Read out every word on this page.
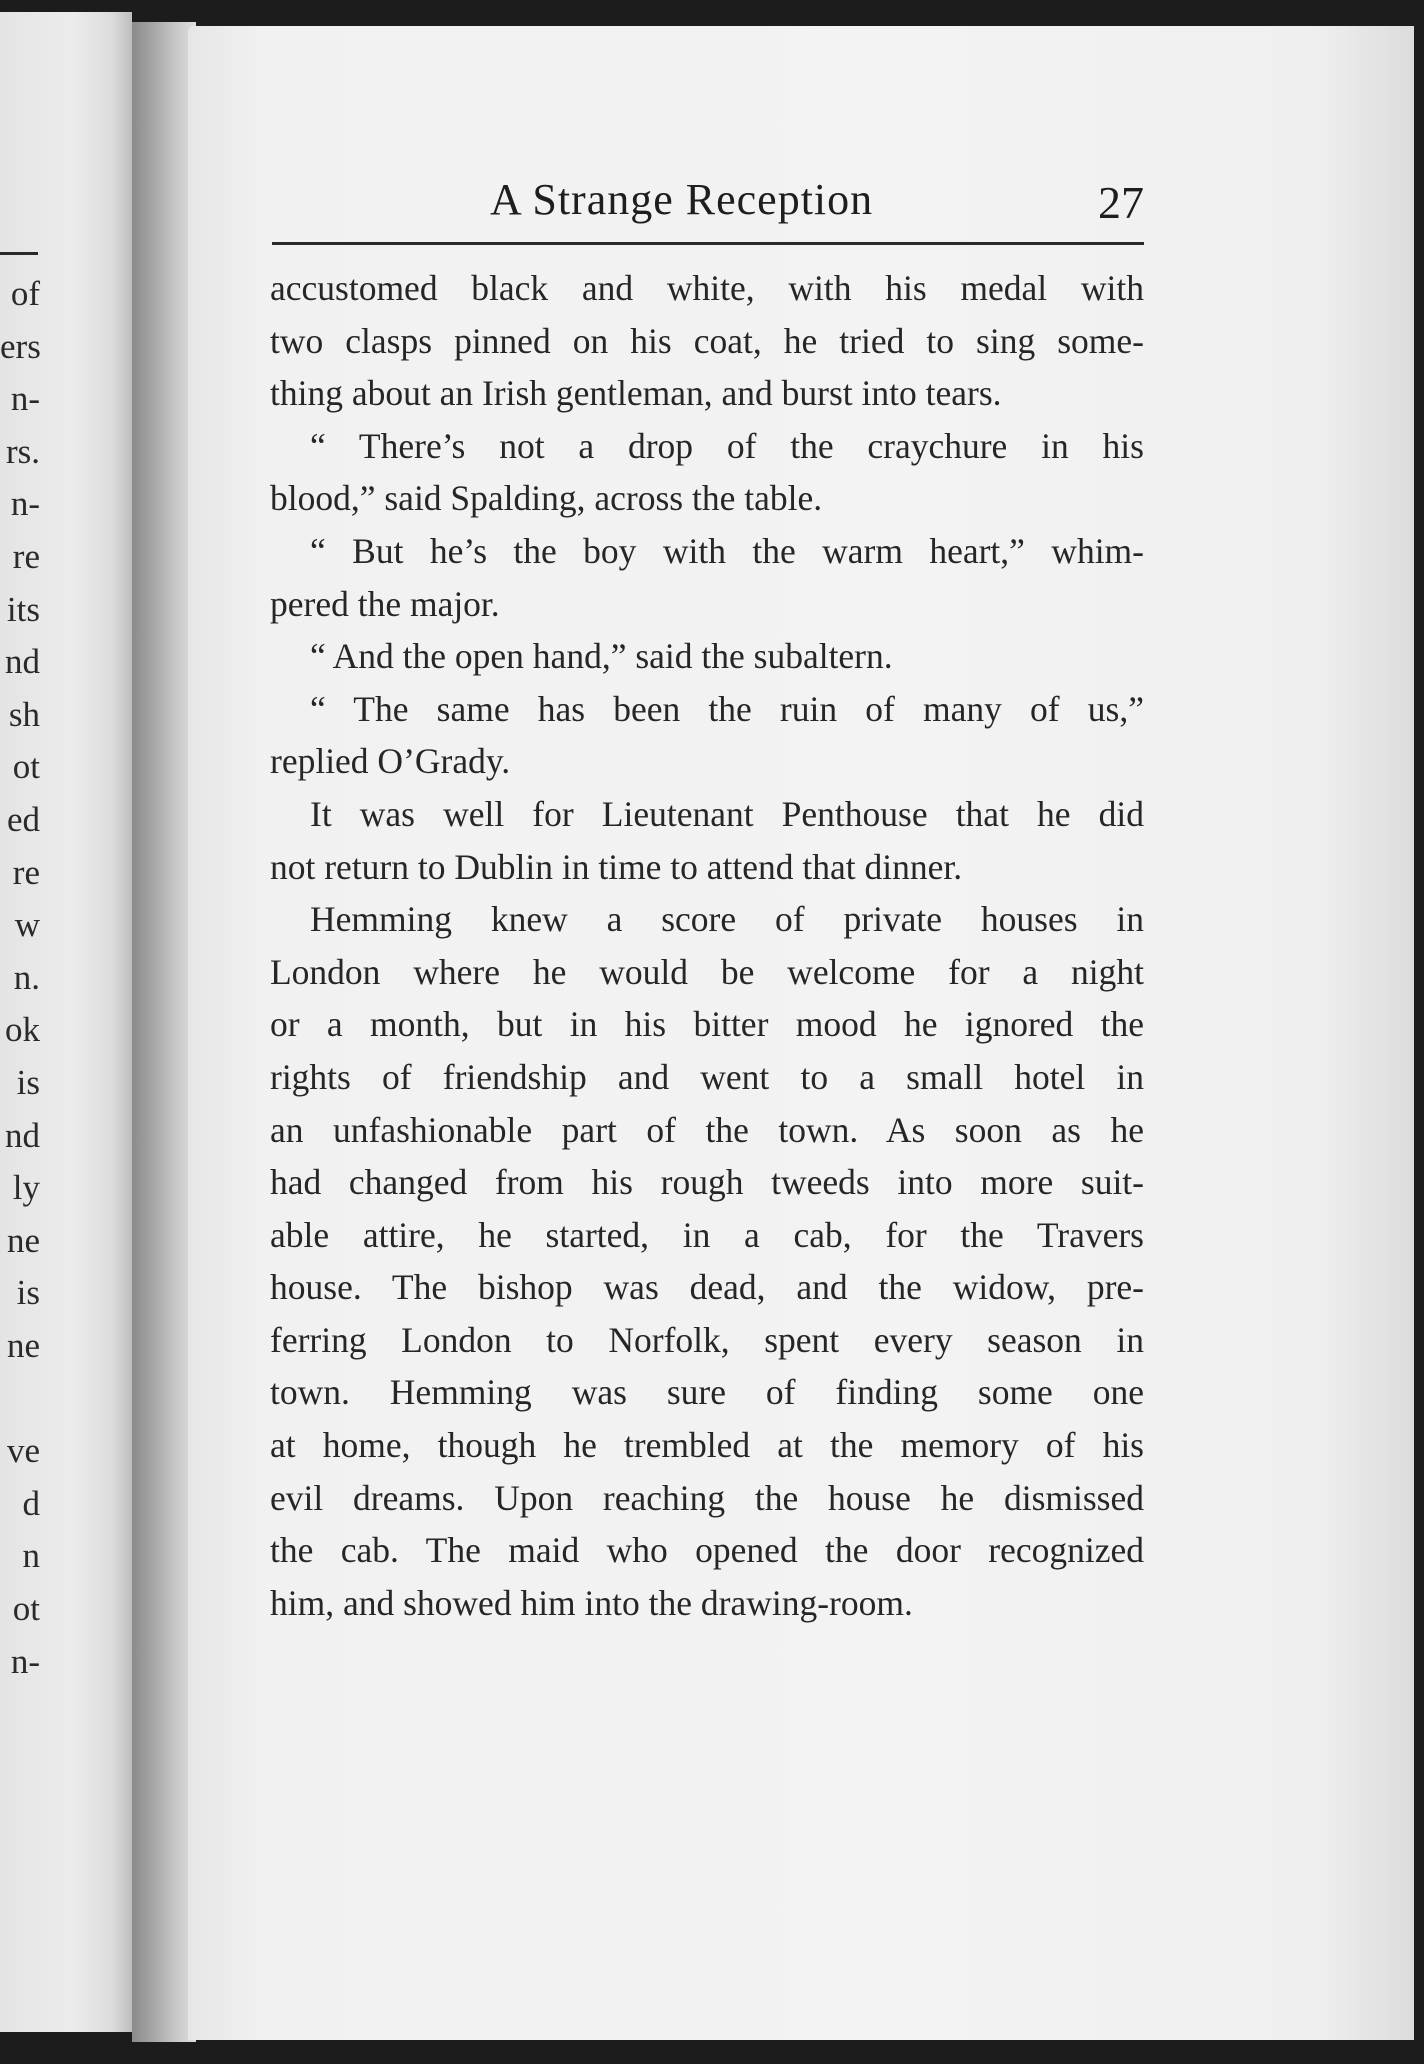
of
ers
n-
rs.
n-
re
its
nd
sh
ot
ed
re
w
n.
ok
is
nd
ly
ne
is
ne
ve
d
n
ot
n-
A Strange Reception	27
accustomed black and white, with his medal with
two clasps pinned on his coat, he tried to sing some-
thing about an Irish gentleman, and burst into tears.
“ There’s not a drop of the craychure in his
blood,” said Spalding, across the table.
“ But he’s the boy with the warm heart,” whim-
pered the major.
“ And the open hand,” said the subaltern.
“ The same has been the ruin of many of us,”
replied O’Grady.
It was well for Lieutenant Penthouse that he did
not return to Dublin in time to attend that dinner.
Hemming knew a score of private houses in
London where he would be welcome for a night
or a month, but in his bitter mood he ignored the
rights of friendship and went to a small hotel in
an unfashionable part of the town. As soon as he
had changed from his rough tweeds into more suit-
able attire, he started, in a cab, for the Travers
house. The bishop was dead, and the widow, pre-
ferring London to Norfolk, spent every season in
town. Hemming was sure of finding some one
at home, though he trembled at the memory of his
evil dreams. Upon reaching the house he dismissed
the cab. The maid who opened the door recognized
him, and showed him into the drawing-room.
